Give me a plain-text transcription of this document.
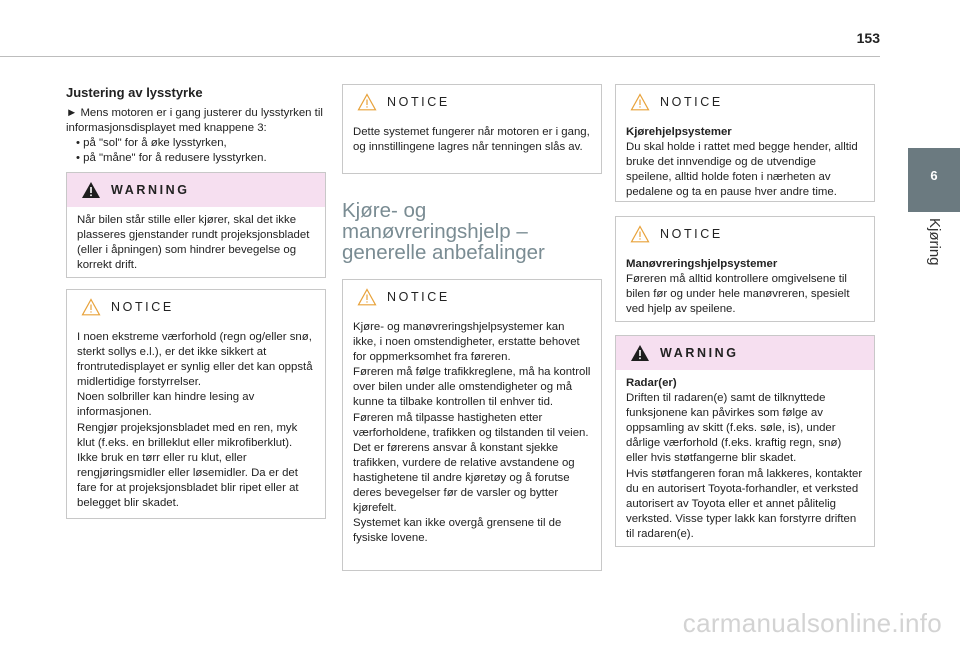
153
6
Kjøring
Justering av lysstyrke
► Mens motoren er i gang justerer du lysstyrken til informasjonsdisplayet med knappene 3:
• på "sol" for å øke lysstyrken,
• på "måne" for å redusere lysstyrken.
WARNING
Når bilen står stille eller kjører, skal det ikke plasseres gjenstander rundt projeksjonsbladet (eller i åpningen) som hindrer bevegelse og korrekt drift.
NOTICE
I noen ekstreme værforhold (regn og/eller snø, sterkt sollys e.l.), er det ikke sikkert at frontrutedisplayet er synlig eller det kan oppstå midlertidige forstyrrelser.
Noen solbriller kan hindre lesing av informasjonen.
Rengjør projeksjonsbladet med en ren, myk klut (f.eks. en brilleklut eller mikrofiberklut). Ikke bruk en tørr eller ru klut, eller rengjøringsmidler eller løsemidler. Da er det fare for at projeksjonsbladet blir ripet eller at belegget blir skadet.
NOTICE
Dette systemet fungerer når motoren er i gang, og innstillingene lagres når tenningen slås av.
Kjøre- og
manøvreringshjelp –
generelle anbefalinger
NOTICE
Kjøre- og manøvreringshjelpsystemer kan ikke, i noen omstendigheter, erstatte behovet for oppmerksomhet fra føreren.
Føreren må følge trafikkreglene, må ha kontroll over bilen under alle omstendigheter og må kunne ta tilbake kontrollen til enhver tid. Føreren må tilpasse hastigheten etter værforholdene, trafikken og tilstanden til veien.
Det er førerens ansvar å konstant sjekke trafikken, vurdere de relative avstandene og hastighetene til andre kjøretøy og å forutse deres bevegelser før de varsler og bytter kjørefelt.
Systemet kan ikke overgå grensene til de fysiske lovene.
NOTICE
Kjørehjelpsystemer
Du skal holde i rattet med begge hender, alltid bruke det innvendige og de utvendige speilene, alltid holde foten i nærheten av pedalene og ta en pause hver andre time.
NOTICE
Manøvreringshjelpsystemer
Føreren må alltid kontrollere omgivelsene til bilen før og under hele manøvreren, spesielt ved hjelp av speilene.
WARNING
Radar(er)
Driften til radaren(e) samt de tilknyttede funksjonene kan påvirkes som følge av oppsamling av skitt (f.eks. søle, is), under dårlige værforhold (f.eks. kraftig regn, snø) eller hvis støtfangerne blir skadet.
Hvis støtfangeren foran må lakkeres, kontakter du en autorisert Toyota-forhandler, et verksted autorisert av Toyota eller et annet pålitelig verksted. Visse typer lakk kan forstyrre driften til radaren(e).
carmanualsonline.info
